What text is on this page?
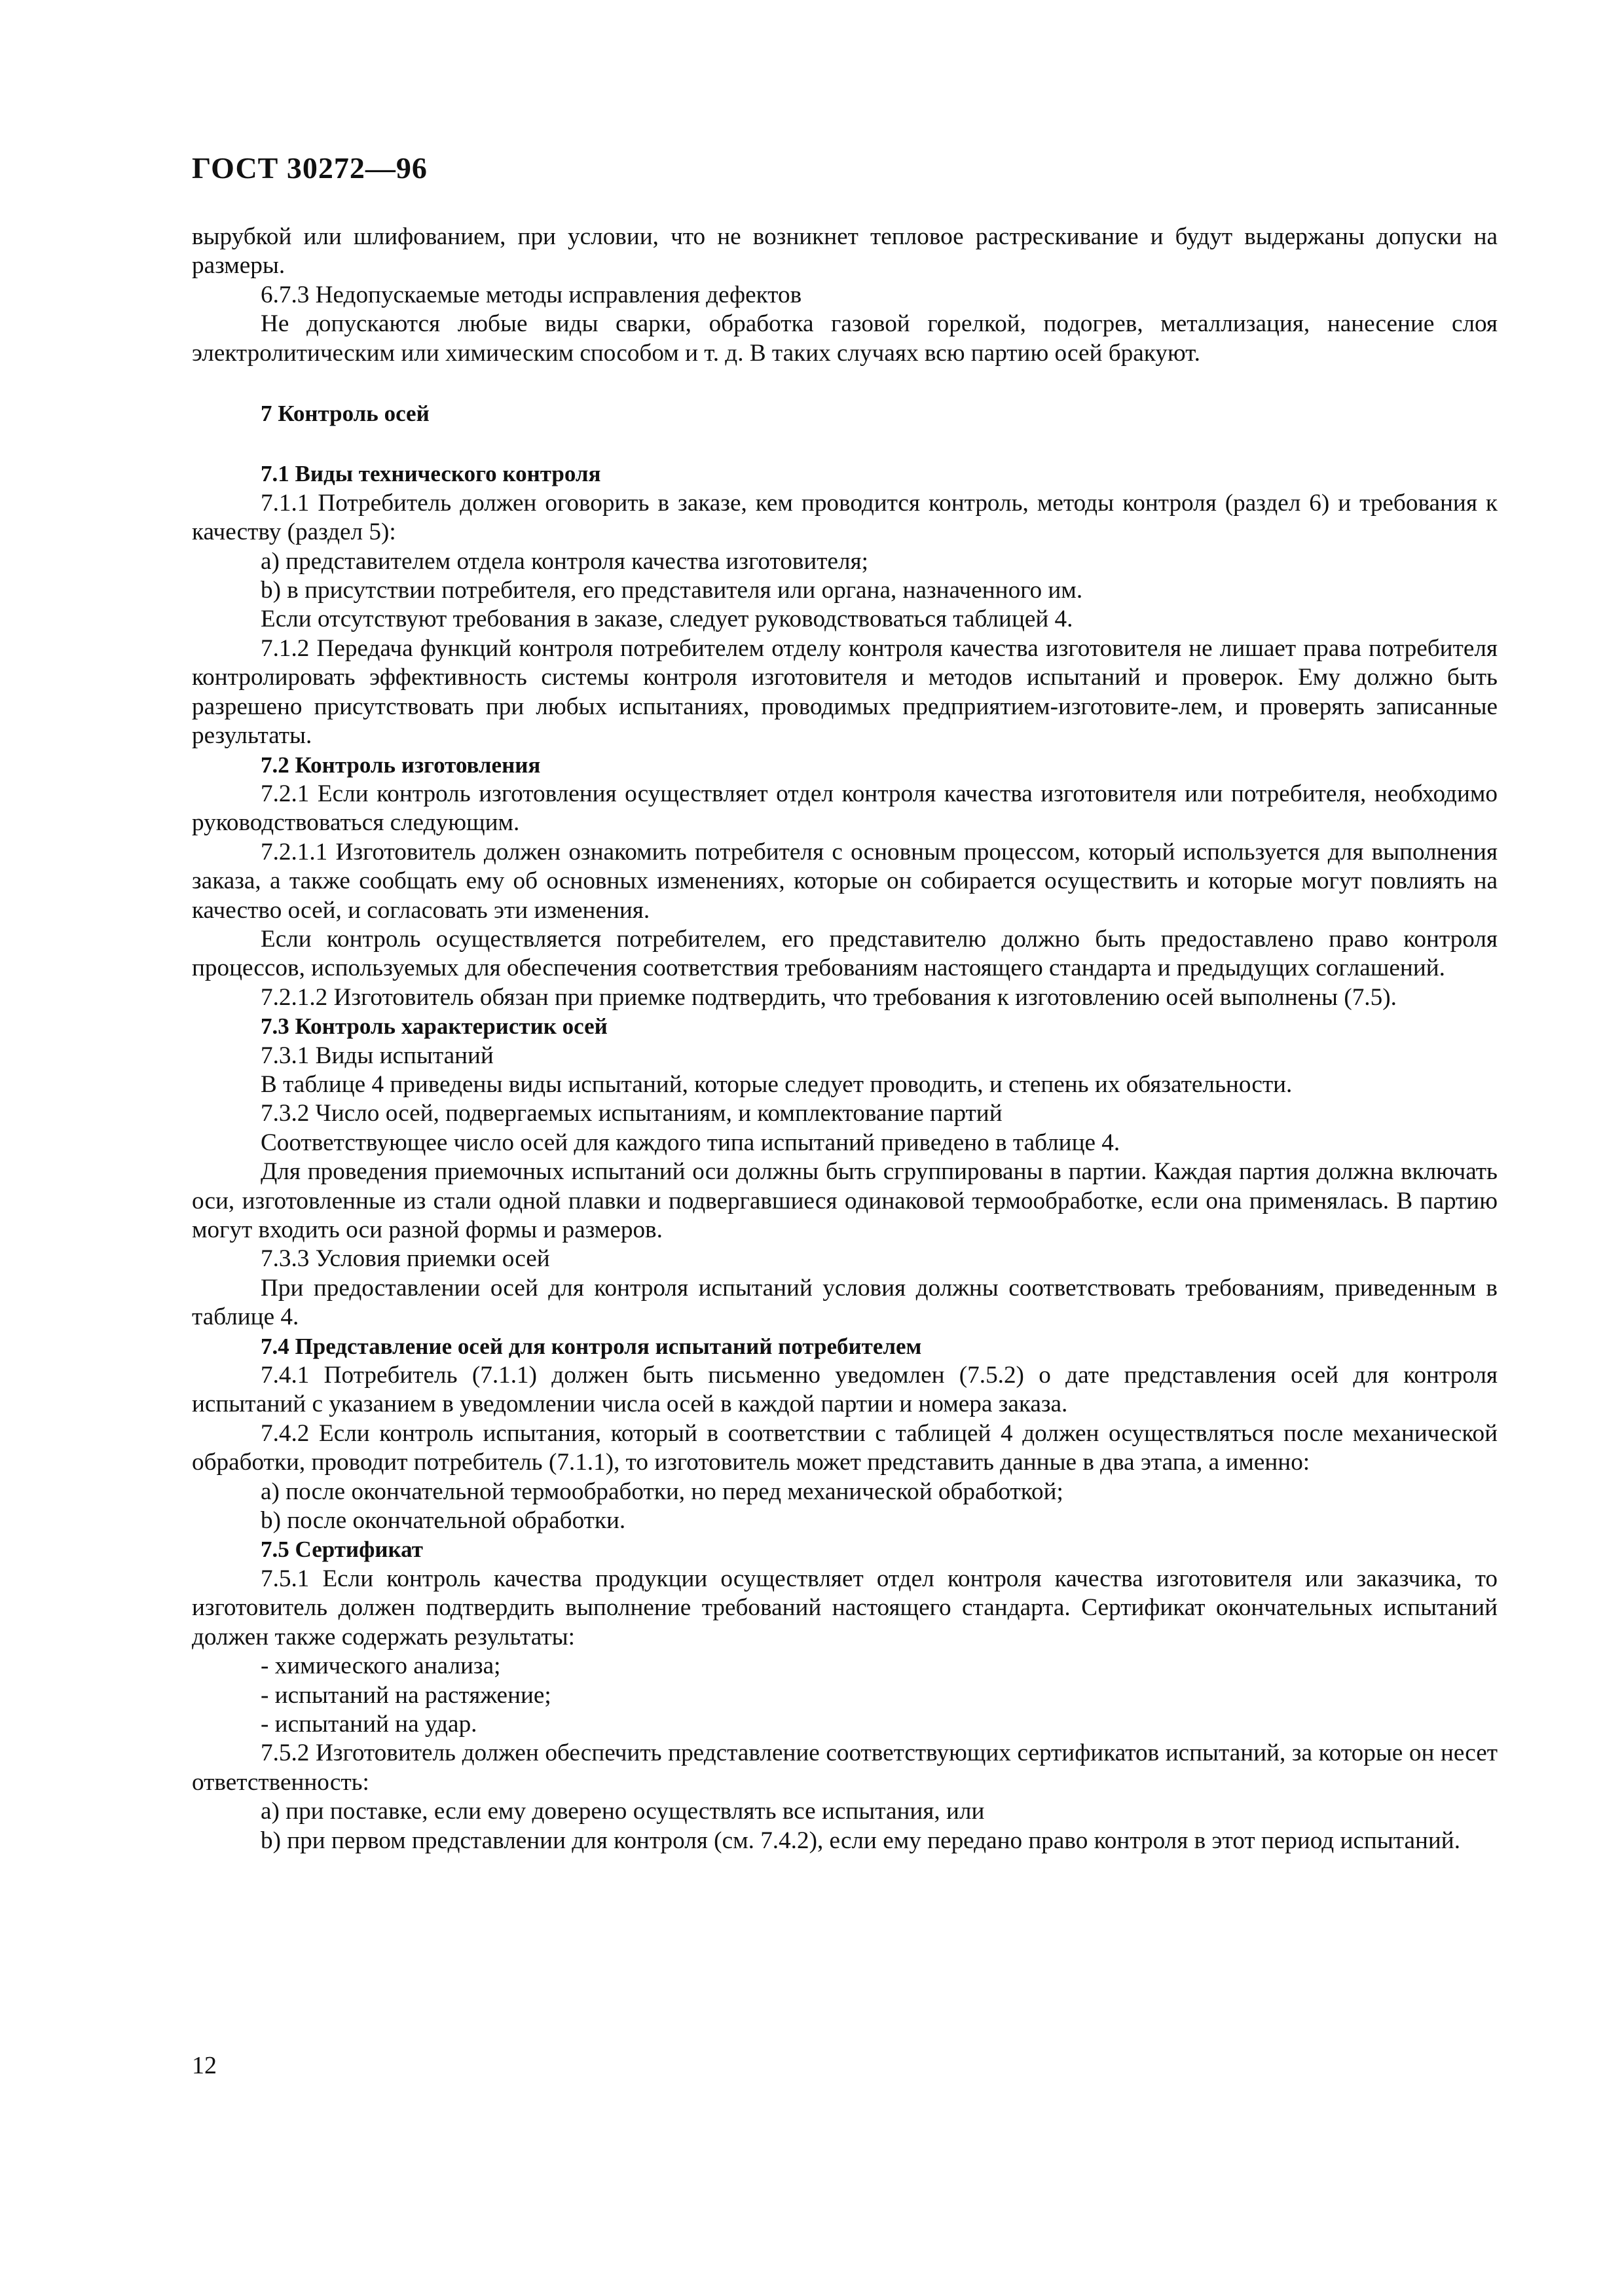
ГОСТ 30272—96

вырубкой или шлифованием, при условии, что не возникнет тепловое растрескивание и будут выдержаны допуски на размеры.

6.7.3 Недопускаемые методы исправления дефектов

Не допускаются любые виды сварки, обработка газовой горелкой, подогрев, металлизация, нанесение слоя электролитическим или химическим способом и т. д. В таких случаях всю партию осей бракуют.

7 Контроль осей

7.1 Виды технического контроля

7.1.1 Потребитель должен оговорить в заказе, кем проводится контроль, методы контроля (раздел 6) и требования к качеству (раздел 5):

a) представителем отдела контроля качества изготовителя;

b) в присутствии потребителя, его представителя или органа, назначенного им.

Если отсутствуют требования в заказе, следует руководствоваться таблицей 4.

7.1.2 Передача функций контроля потребителем отделу контроля качества изготовителя не лишает права потребителя контролировать эффективность системы контроля изготовителя и методов испытаний и проверок. Ему должно быть разрешено присутствовать при любых испытаниях, проводимых предприятием-изготовите-лем, и проверять записанные результаты.

7.2 Контроль изготовления

7.2.1 Если контроль изготовления осуществляет отдел контроля качества изготовителя или потребителя, необходимо руководствоваться следующим.

7.2.1.1 Изготовитель должен ознакомить потребителя с основным процессом, который используется для выполнения заказа, а также сообщать ему об основных изменениях, которые он собирается осуществить и которые могут повлиять на качество осей, и согласовать эти изменения.

Если контроль осуществляется потребителем, его представителю должно быть предоставлено право контроля процессов, используемых для обеспечения соответствия требованиям настоящего стандарта и предыдущих соглашений.

7.2.1.2 Изготовитель обязан при приемке подтвердить, что требования к изготовлению осей выполнены (7.5).

7.3 Контроль характеристик осей

7.3.1 Виды испытаний

В таблице 4 приведены виды испытаний, которые следует проводить, и степень их обязательности.

7.3.2 Число осей, подвергаемых испытаниям, и комплектование партий

Соответствующее число осей для каждого типа испытаний приведено в таблице 4.

Для проведения приемочных испытаний оси должны быть сгруппированы в партии. Каждая партия должна включать оси, изготовленные из стали одной плавки и подвергавшиеся одинаковой термообработке, если она применялась. В партию могут входить оси разной формы и размеров.

7.3.3 Условия приемки осей

При предоставлении осей для контроля испытаний условия должны соответствовать требованиям, приведенным в таблице 4.

7.4 Представление осей для контроля испытаний потребителем

7.4.1 Потребитель (7.1.1) должен быть письменно уведомлен (7.5.2) о дате представления осей для контроля испытаний с указанием в уведомлении числа осей в каждой партии и номера заказа.

7.4.2 Если контроль испытания, который в соответствии с таблицей 4 должен осуществляться после механической обработки, проводит потребитель (7.1.1), то изготовитель может представить данные в два этапа, а именно:

a) после окончательной термообработки, но перед механической обработкой;

b) после окончательной обработки.

7.5 Сертификат

7.5.1 Если контроль качества продукции осуществляет отдел контроля качества изготовителя или заказчика, то изготовитель должен подтвердить выполнение требований настоящего стандарта. Сертификат окончательных испытаний должен также содержать результаты:

- химического анализа;

- испытаний на растяжение;

- испытаний на удар.

7.5.2 Изготовитель должен обеспечить представление соответствующих сертификатов испытаний, за которые он несет ответственность:

a) при поставке, если ему доверено осуществлять все испытания, или

b) при первом представлении для контроля (см. 7.4.2), если ему передано право контроля в этот период испытаний.

12
